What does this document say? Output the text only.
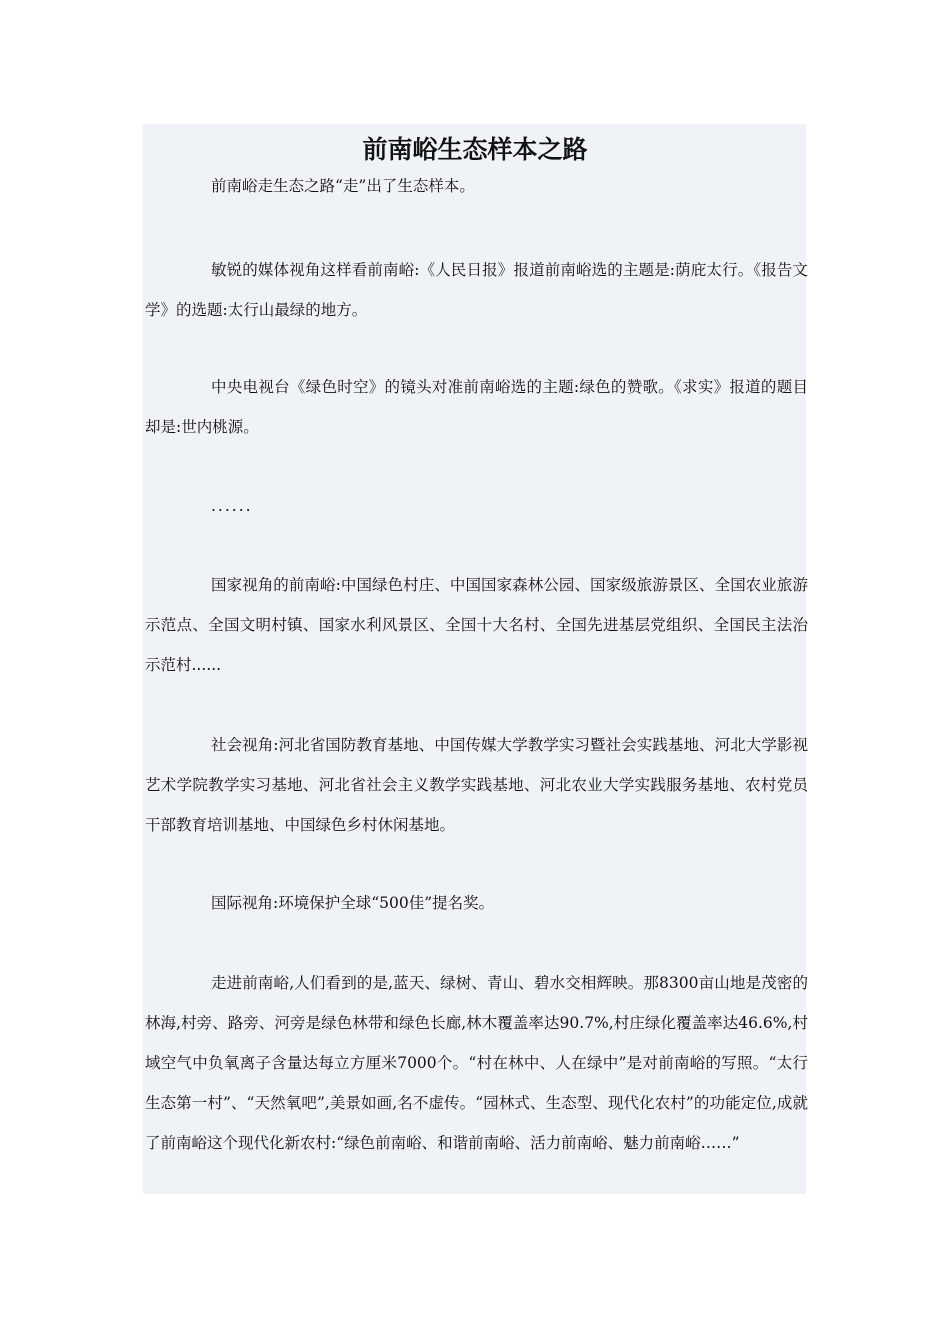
前南峪生态样本之路

前南峪走生态之路“走”出了生态样本。

敏锐的媒体视角这样看前南峪:《人民日报》报道前南峪选的主题是:荫庇太行。《报告文学》的选题:太行山最绿的地方。

中央电视台《绿色时空》的镜头对准前南峪选的主题:绿色的赞歌。《求实》报道的题目却是:世内桃源。

......

国家视角的前南峪:中国绿色村庄、中国国家森林公园、国家级旅游景区、全国农业旅游示范点、全国文明村镇、国家水利风景区、全国十大名村、全国先进基层党组织、全国民主法治示范村......

社会视角:河北省国防教育基地、中国传媒大学教学实习暨社会实践基地、河北大学影视艺术学院教学实习基地、河北省社会主义教学实践基地、河北农业大学实践服务基地、农村党员干部教育培训基地、中国绿色乡村休闲基地。

国际视角:环境保护全球“500佳”提名奖。

走进前南峪,人们看到的是,蓝天、绿树、青山、碧水交相辉映。那8300亩山地是茂密的林海,村旁、路旁、河旁是绿色林带和绿色长廊,林木覆盖率达90.7%,村庄绿化覆盖率达46.6%,村域空气中负氧离子含量达每立方厘米7000个。“村在林中、人在绿中”是对前南峪的写照。“太行生态第一村”、“天然氧吧”,美景如画,名不虚传。“园林式、生态型、现代化农村”的功能定位,成就了前南峪这个现代化新农村:“绿色前南峪、和谐前南峪、活力前南峪、魅力前南峪……”
